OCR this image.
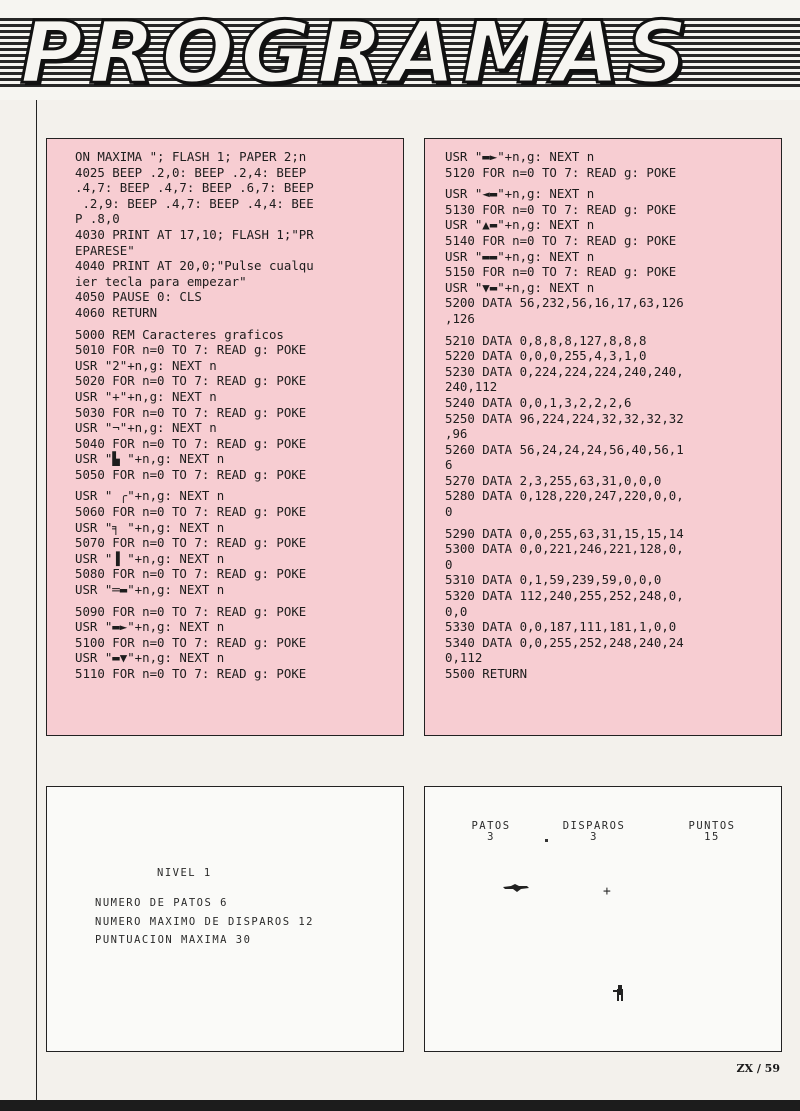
PROGRAMAS
ON MAXIMA "; FLASH 1; PAPER 2;n
4025 BEEP .2,0: BEEP .2,4: BEEP
.4,7: BEEP .4,7: BEEP .6,7: BEEP
.2,9: BEEP .4,7: BEEP .4,4: BEE
P .8,0
4030 PRINT AT 17,10; FLASH 1;"PR
EPARESE"
4040 PRINT AT 20,0;"Pulse cualqu
ier tecla para empezar"
4050 PAUSE 0: CLS
4060 RETURN
5000 REM Caracteres graficos
5010 FOR n=0 TO 7: READ g: POKE
USR "2"+n,g: NEXT n
5020 FOR n=0 TO 7: READ g: POKE
USR "+"+n,g: NEXT n
5030 FOR n=0 TO 7: READ g: POKE
USR "¬"+n,g: NEXT n
5040 FOR n=0 TO 7: READ g: POKE
USR "▙ "+n,g: NEXT n
5050 FOR n=0 TO 7: READ g: POKE
USR " ╭"+n,g: NEXT n
5060 FOR n=0 TO 7: READ g: POKE
USR "╕ "+n,g: NEXT n
5070 FOR n=0 TO 7: READ g: POKE
USR "▐ "+n,g: NEXT n
5080 FOR n=0 TO 7: READ g: POKE
USR "═▬"+n,g: NEXT n
5090 FOR n=0 TO 7: READ g: POKE
USR "▬►"+n,g: NEXT n
5100 FOR n=0 TO 7: READ g: POKE
USR "▬▼"+n,g: NEXT n
5110 FOR n=0 TO 7: READ g: POKE
USR "▬►"+n,g: NEXT n
5120 FOR n=0 TO 7: READ g: POKE
USR "◄▬"+n,g: NEXT n
5130 FOR n=0 TO 7: READ g: POKE
USR "▲▬"+n,g: NEXT n
5140 FOR n=0 TO 7: READ g: POKE
USR "▬▬"+n,g: NEXT n
5150 FOR n=0 TO 7: READ g: POKE
USR "▼▬"+n,g: NEXT n
5200 DATA 56,232,56,16,17,63,126
,126
5210 DATA 0,8,8,8,127,8,8,8
5220 DATA 0,0,0,255,4,3,1,0
5230 DATA 0,224,224,224,240,240,
240,112
5240 DATA 0,0,1,3,2,2,2,6
5250 DATA 96,224,224,32,32,32,32
,96
5260 DATA 56,24,24,24,56,40,56,1
6
5270 DATA 2,3,255,63,31,0,0,0
5280 DATA 0,128,220,247,220,0,0,
0
5290 DATA 0,0,255,63,31,15,15,14
5300 DATA 0,0,221,246,221,128,0,
0
5310 DATA 0,1,59,239,59,0,0,0
5320 DATA 112,240,255,252,248,0,
0,0
5330 DATA 0,0,187,111,181,1,0,0
5340 DATA 0,0,255,252,248,240,24
0,112
5500 RETURN
NIVEL 1
NUMERO DE PATOS 6
NUMERO MAXIMO DE DISPAROS 12
PUNTUACION MAXIMA 30
PATOS
3
DISPAROS
3
PUNTOS
15
+
ZX / 59
